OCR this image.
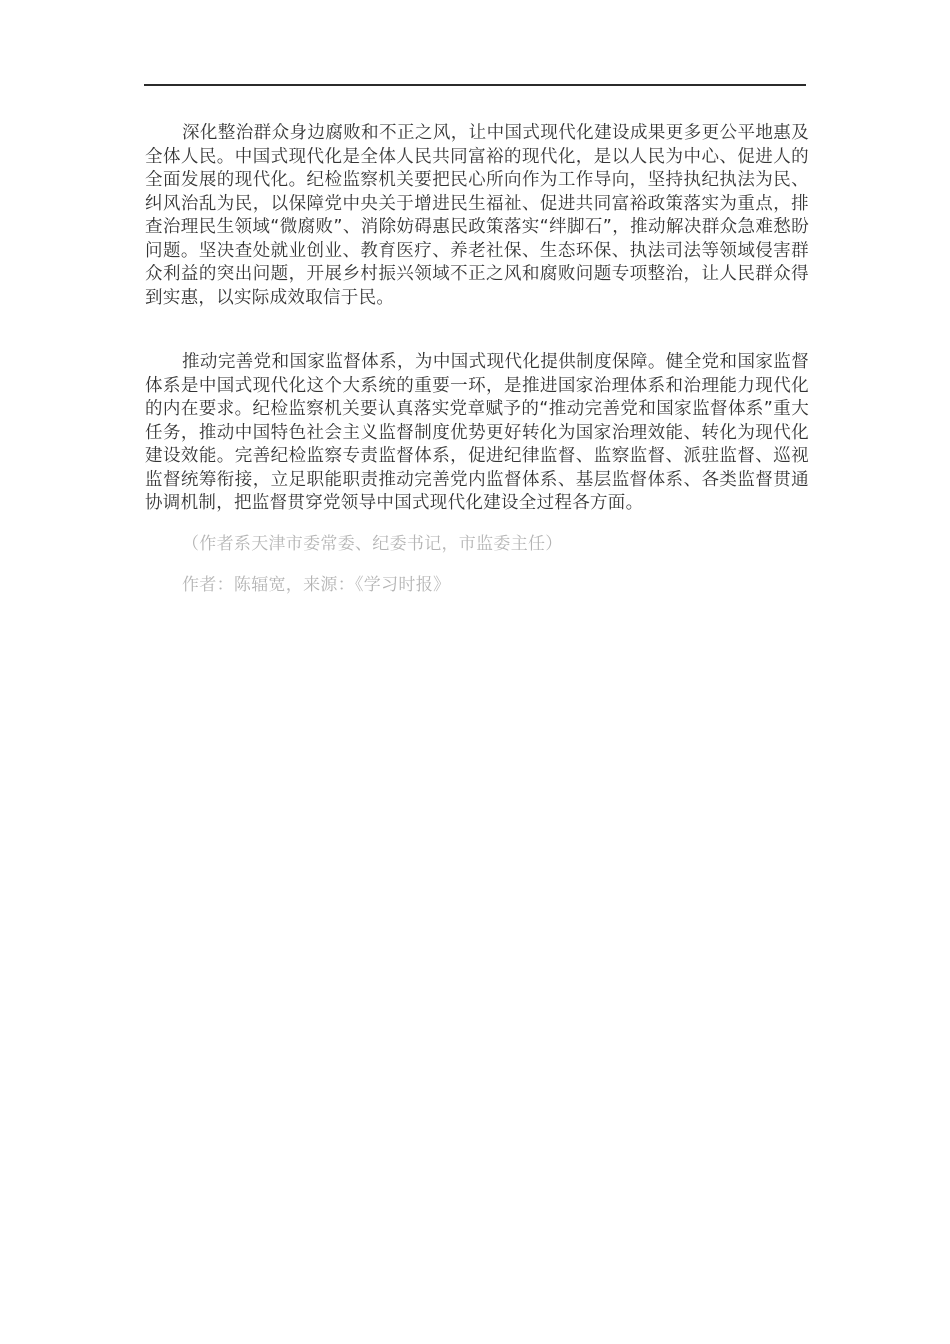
深化整治群众身边腐败和不正之风，让中国式现代化建设成果更多更公平地惠及全体人民。中国式现代化是全体人民共同富裕的现代化，是以人民为中心、促进人的全面发展的现代化。纪检监察机关要把民心所向作为工作导向，坚持执纪执法为民、纠风治乱为民，以保障党中央关于增进民生福祉、促进共同富裕政策落实为重点，排查治理民生领域“微腐败”、消除妨碍惠民政策落实“绊脚石”，推动解决群众急难愁盼问题。坚决查处就业创业、教育医疗、养老社保、生态环保、执法司法等领域侵害群众利益的突出问题，开展乡村振兴领域不正之风和腐败问题专项整治，让人民群众得到实惠，以实际成效取信于民。

推动完善党和国家监督体系，为中国式现代化提供制度保障。健全党和国家监督体系是中国式现代化这个大系统的重要一环，是推进国家治理体系和治理能力现代化的内在要求。纪检监察机关要认真落实党章赋予的“推动完善党和国家监督体系”重大任务，推动中国特色社会主义监督制度优势更好转化为国家治理效能、转化为现代化建设效能。完善纪检监察专责监督体系，促进纪律监督、监察监督、派驻监督、巡视监督统筹衔接，立足职能职责推动完善党内监督体系、基层监督体系、各类监督贯通协调机制，把监督贯穿党领导中国式现代化建设全过程各方面。

（作者系天津市委常委、纪委书记，市监委主任）

作者：陈辐宽，来源：《学习时报》
